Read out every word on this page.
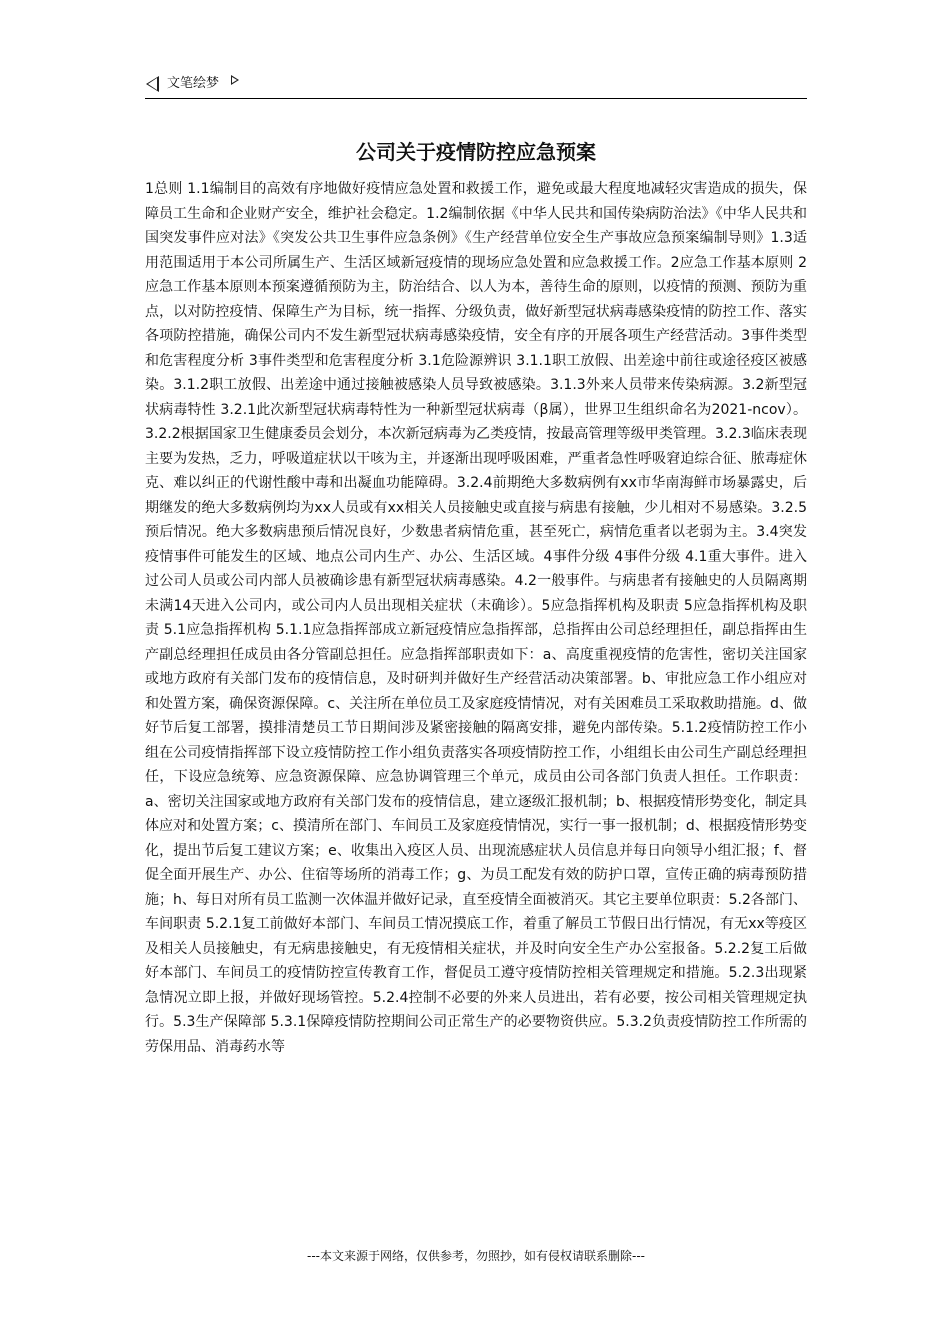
文笔绘梦
公司关于疫情防控应急预案

1总则 1.1编制目的高效有序地做好疫情应急处置和救援工作，避免或最大程度地减轻灾害造成的损失，保障员工生命和企业财产安全，维护社会稳定。1.2编制依据《中华人民共和国传染病防治法》《中华人民共和国突发事件应对法》《突发公共卫生事件应急条例》《生产经营单位安全生产事故应急预案编制导则》1.3适用范围适用于本公司所属生产、生活区域新冠疫情的现场应急处置和应急救援工作。2应急工作基本原则 2应急工作基本原则本预案遵循预防为主，防治结合、以人为本，善待生命的原则，以疫情的预测、预防为重点，以对防控疫情、保障生产为目标，统一指挥、分级负责，做好新型冠状病毒感染疫情的防控工作、落实各项防控措施，确保公司内不发生新型冠状病毒感染疫情，安全有序的开展各项生产经营活动。3事件类型和危害程度分析 3事件类型和危害程度分析 3.1危险源辨识 3.1.1职工放假、出差途中前往或途径疫区被感染。3.1.2职工放假、出差途中通过接触被感染人员导致被感染。3.1.3外来人员带来传染病源。3.2新型冠状病毒特性 3.2.1此次新型冠状病毒特性为一种新型冠状病毒（β属），世界卫生组织命名为2021-ncov）。3.2.2根据国家卫生健康委员会划分，本次新冠病毒为乙类疫情，按最高管理等级甲类管理。3.2.3临床表现主要为发热，乏力，呼吸道症状以干咳为主，并逐渐出现呼吸困难，严重者急性呼吸窘迫综合征、脓毒症休克、难以纠正的代谢性酸中毒和出凝血功能障碍。3.2.4前期绝大多数病例有xx市华南海鲜市场暴露史，后期继发的绝大多数病例均为xx人员或有xx相关人员接触史或直接与病患有接触，少儿相对不易感染。3.2.5预后情况。绝大多数病患预后情况良好，少数患者病情危重，甚至死亡，病情危重者以老弱为主。3.4突发疫情事件可能发生的区域、地点公司内生产、办公、生活区域。4事件分级 4事件分级 4.1重大事件。进入过公司人员或公司内部人员被确诊患有新型冠状病毒感染。4.2一般事件。与病患者有接触史的人员隔离期未满14天进入公司内，或公司内人员出现相关症状（未确诊）。5应急指挥机构及职责 5应急指挥机构及职责 5.1应急指挥机构 5.1.1应急指挥部成立新冠疫情应急指挥部，总指挥由公司总经理担任，副总指挥由生产副总经理担任成员由各分管副总担任。应急指挥部职责如下：a、高度重视疫情的危害性，密切关注国家或地方政府有关部门发布的疫情信息，及时研判并做好生产经营活动决策部署。b、审批应急工作小组应对和处置方案，确保资源保障。c、关注所在单位员工及家庭疫情情况，对有关困难员工采取救助措施。d、做好节后复工部署，摸排清楚员工节日期间涉及紧密接触的隔离安排，避免内部传染。5.1.2疫情防控工作小组在公司疫情指挥部下设立疫情防控工作小组负责落实各项疫情防控工作，小组组长由公司生产副总经理担任，下设应急统筹、应急资源保障、应急协调管理三个单元，成员由公司各部门负责人担任。工作职责：a、密切关注国家或地方政府有关部门发布的疫情信息，建立逐级汇报机制；b、根据疫情形势变化，制定具体应对和处置方案；c、摸清所在部门、车间员工及家庭疫情情况，实行一事一报机制；d、根据疫情形势变化，提出节后复工建议方案；e、收集出入疫区人员、出现流感症状人员信息并每日向领导小组汇报；f、督促全面开展生产、办公、住宿等场所的消毒工作；g、为员工配发有效的防护口罩，宣传正确的病毒预防措施；h、每日对所有员工监测一次体温并做好记录，直至疫情全面被消灭。其它主要单位职责：5.2各部门、车间职责 5.2.1复工前做好本部门、车间员工情况摸底工作，着重了解员工节假日出行情况，有无xx等疫区及相关人员接触史，有无病患接触史，有无疫情相关症状，并及时向安全生产办公室报备。5.2.2复工后做好本部门、车间员工的疫情防控宣传教育工作，督促员工遵守疫情防控相关管理规定和措施。5.2.3出现紧急情况立即上报，并做好现场管控。5.2.4控制不必要的外来人员进出，若有必要，按公司相关管理规定执行。5.3生产保障部 5.3.1保障疫情防控期间公司正常生产的必要物资供应。5.3.2负责疫情防控工作所需的劳保用品、消毒药水等

---本文来源于网络，仅供参考，勿照抄，如有侵权请联系删除---
